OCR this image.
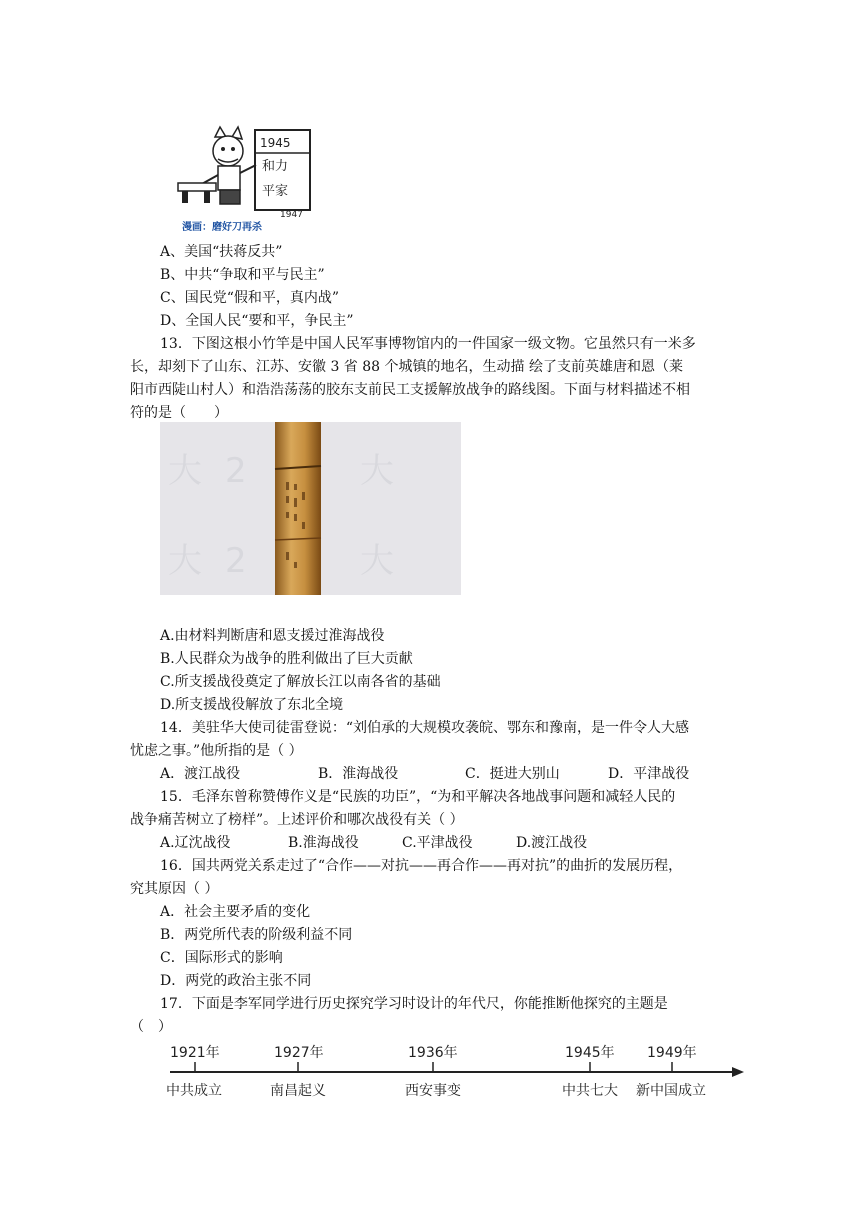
1945
和力
平家
1947
漫画：磨好刀再杀
A、美国“扶蒋反共”
B、中共“争取和平与民主”
C、国民党“假和平，真内战”
D、全国人民“要和平，争民主”
13．下图这根小竹竿是中国人民军事博物馆内的一件国家一级文物。它虽然只有一米多
长，却刻下了山东、江苏、安徽 3 省 88 个城镇的地名，生动描 绘了支前英雄唐和恩（莱
阳市西陡山村人）和浩浩荡荡的胶东支前民工支援解放战争的路线图。下面与材料描述不相
符的是（　　）
大 2	大
大 2	大
A.由材料判断唐和恩支援过淮海战役
B.人民群众为战争的胜利做出了巨大贡献
C.所支援战役奠定了解放长江以南各省的基础
D.所支援战役解放了东北全境
14．美驻华大使司徒雷登说：“刘伯承的大规模攻袭皖、鄂东和豫南，是一件令人大感
忧虑之事。”他所指的是（ ）
A．渡江战役	B．淮海战役	C．挺进大别山	D．平津战役
15．毛泽东曾称赞傅作义是“民族的功臣”，“为和平解决各地战事问题和减轻人民的
战争痛苦树立了榜样”。上述评价和哪次战役有关（ ）
A.辽沈战役	B.淮海战役	C.平津战役	D.渡江战役
16．国共两党关系走过了“合作——对抗——再合作——再对抗”的曲折的发展历程，
究其原因（ ）
A．社会主要矛盾的变化
B．两党所代表的阶级利益不同
C．国际形式的影响
D．两党的政治主张不同
17．下面是李军同学进行历史探究学习时设计的年代尺，你能推断他探究的主题是
（　）
1921年	1927年	1936年	1945年 1949年
中共成立	南昌起义	西安事变	中共七大 新中国成立
